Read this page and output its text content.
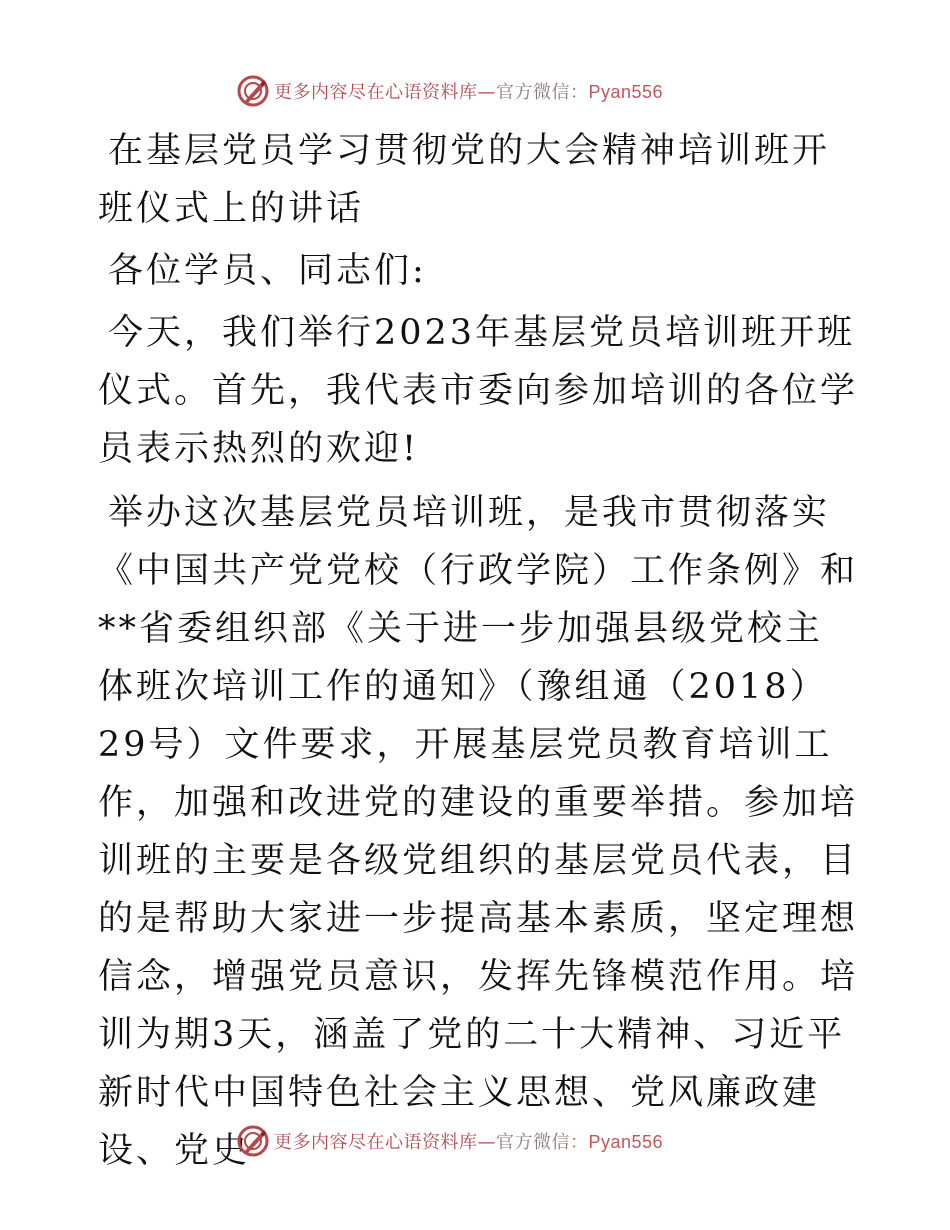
更多内容尽在心语资料库—官方微信：Pyan556

在基层党员学习贯彻党的大会精神培训班开班仪式上的讲话

各位学员、同志们:

今天，我们举行2023年基层党员培训班开班仪式。首先，我代表市委向参加培训的各位学员表示热烈的欢迎!

举办这次基层党员培训班，是我市贯彻落实《中国共产党党校（行政学院）工作条例》和**省委组织部《关于进一步加强县级党校主体班次培训工作的通知》（豫组通（2018）29号）文件要求，开展基层党员教育培训工作，加强和改进党的建设的重要举措。参加培训班的主要是各级党组织的基层党员代表，目的是帮助大家进一步提高基本素质，坚定理想信念，增强党员意识，发挥先锋模范作用。培训为期3天，涵盖了党的二十大精神、习近平新时代中国特色社会主义思想、党风廉政建设、党史	更多内容尽在心语资料库—官方微信：Pyan556
